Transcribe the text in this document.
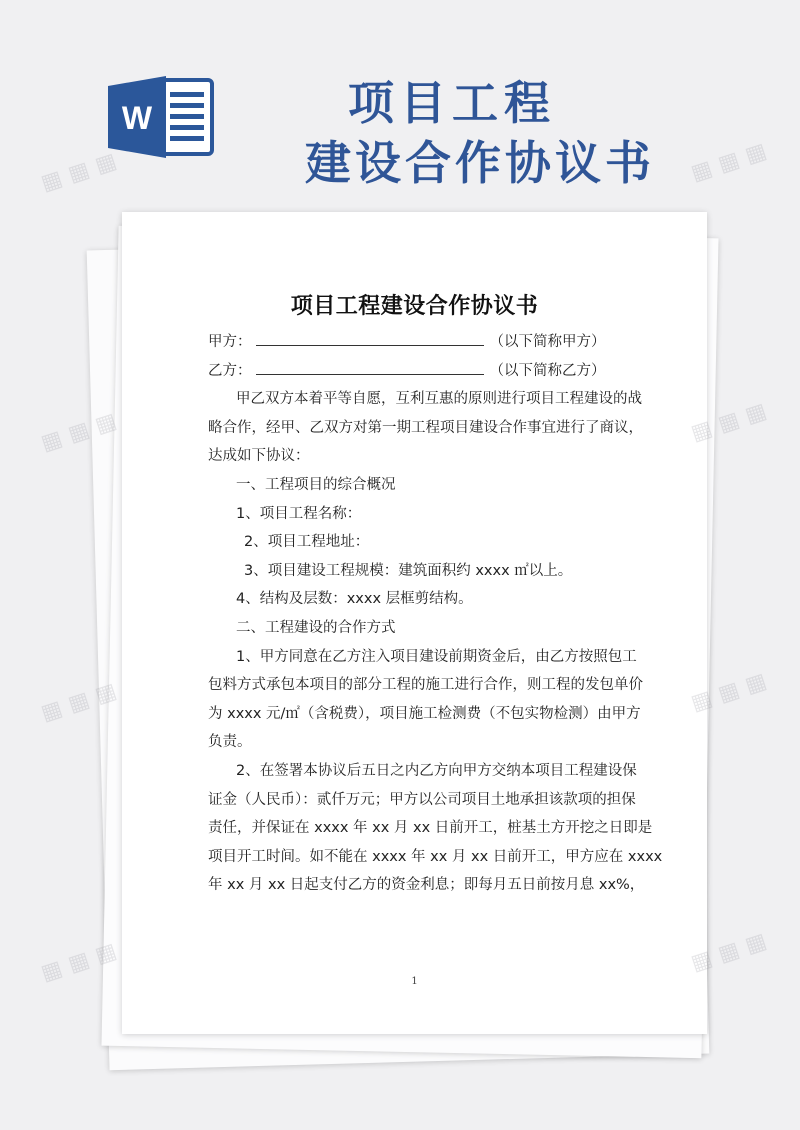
W	项目工程
建设合作协议书
项目工程建设合作协议书

甲方：	（以下简称甲方）

乙方：	（以下简称乙方）

甲乙双方本着平等自愿，互利互惠的原则进行项目工程建设的战

略合作，经甲、乙双方对第一期工程项目建设合作事宜进行了商议，

达成如下协议：

一、工程项目的综合概况

1、项目工程名称：

2、项目工程地址：

3、项目建设工程规模：建筑面积约 xxxx ㎡以上。

4、结构及层数：xxxx 层框剪结构。

二、工程建设的合作方式

1、甲方同意在乙方注入项目建设前期资金后，由乙方按照包工

包料方式承包本项目的部分工程的施工进行合作，则工程的发包单价

为 xxxx 元/㎡（含税费），项目施工检测费（不包实物检测）由甲方

负责。

2、在签署本协议后五日之内乙方向甲方交纳本项目工程建设保

证金（人民币）：贰仟万元；甲方以公司项目土地承担该款项的担保

责任，并保证在 xxxx 年 xx 月 xx 日前开工，桩基土方开挖之日即是

项目开工时间。如不能在 xxxx 年 xx 月 xx 日前开工，甲方应在 xxxx

年 xx 月 xx 日起支付乙方的资金利息；即每月五日前按月息 xx%，

1
▦ ▦ ▦	▦ ▦ ▦
▦ ▦ ▦	▦ ▦ ▦
▦ ▦ ▦	▦ ▦ ▦
▦ ▦ ▦	▦ ▦ ▦
